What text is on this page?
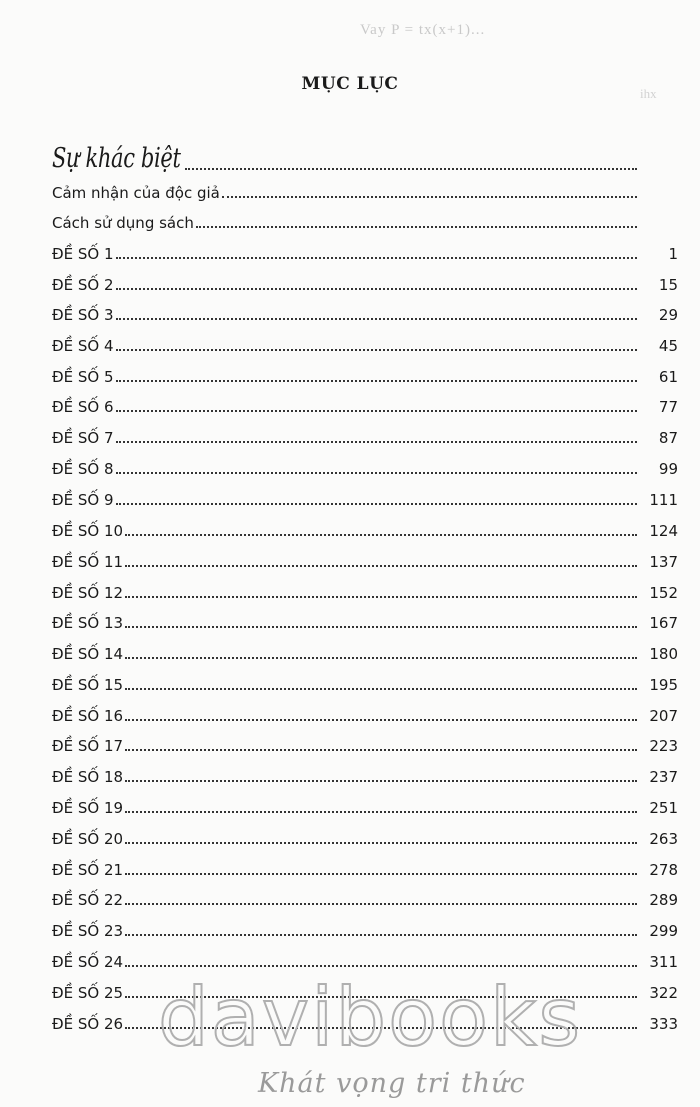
Vay P = tx(x+1)...
ihx
MỤC LỤC
Sự khác biệt
Cảm nhận của độc giả
Cách sử dụng sách
ĐỀ SỐ 1	1
ĐỀ SỐ 2	15
ĐỀ SỐ 3	29
ĐỀ SỐ 4	45
ĐỀ SỐ 5	61
ĐỀ SỐ 6	77
ĐỀ SỐ 7	87
ĐỀ SỐ 8	99
ĐỀ SỐ 9	111
ĐỀ SỐ 10	124
ĐỀ SỐ 11	137
ĐỀ SỐ 12	152
ĐỀ SỐ 13	167
ĐỀ SỐ 14	180
ĐỀ SỐ 15	195
ĐỀ SỐ 16	207
ĐỀ SỐ 17	223
ĐỀ SỐ 18	237
ĐỀ SỐ 19	251
ĐỀ SỐ 20	263
ĐỀ SỐ 21	278
ĐỀ SỐ 22	289
ĐỀ SỐ 23	299
ĐỀ SỐ 24	311
ĐỀ SỐ 25	322
ĐỀ SỐ 26	333
davibooks
Khát vọng tri thức
